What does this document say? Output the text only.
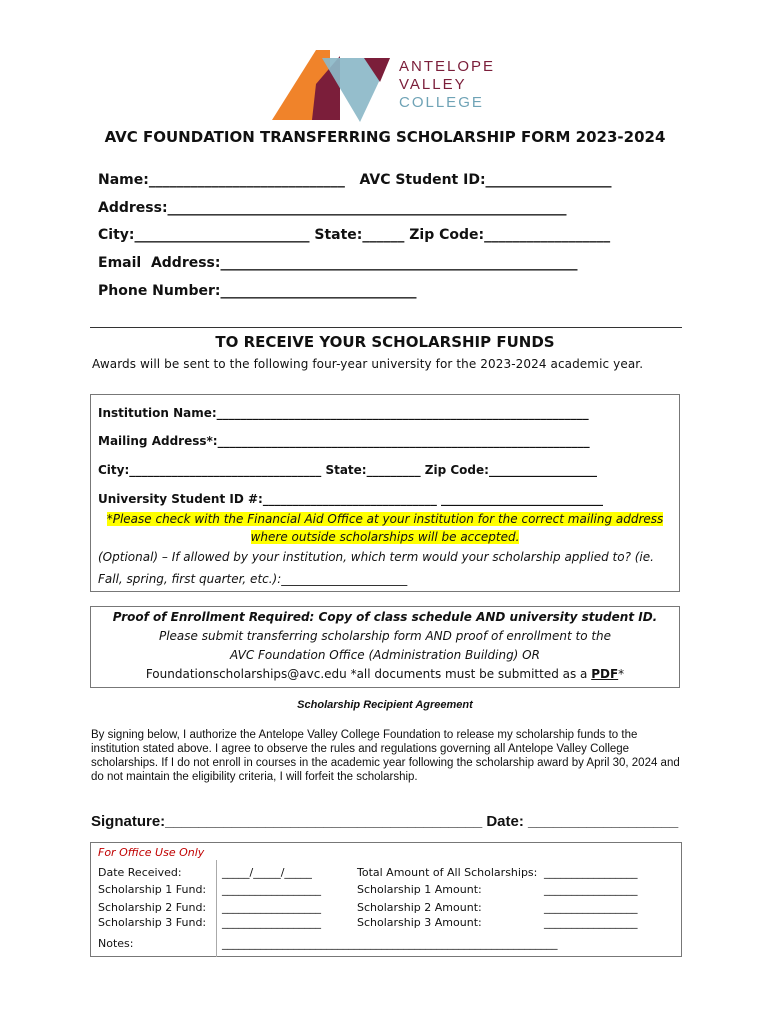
ANTELOPE
VALLEY
COLLEGE
AVC FOUNDATION TRANSFERRING SCHOLARSHIP FORM 2023-2024
Name:____________________________   AVC Student ID:__________________
Address:_________________________________________________________
City:_________________________ State:______ Zip Code:__________________
Email  Address:___________________________________________________
Phone Number:____________________________
TO RECEIVE YOUR SCHOLARSHIP FUNDS
Awards will be sent to the following four-year university for the 2023-2024 academic year.
Institution Name:______________________________________________________________
Mailing Address*:______________________________________________________________
City:________________________________ State:_________ Zip Code:__________________
University Student ID #:_____________________________ ___________________________
*Please check with the Financial Aid Office at your institution for the correct mailing address
where outside scholarships will be accepted.
(Optional) – If allowed by your institution, which term would your scholarship applied to? (ie.
Fall, spring, first quarter, etc.):_____________________
Proof of Enrollment Required: Copy of class schedule AND university student ID.
Please submit transferring scholarship form AND proof of enrollment to the
AVC Foundation Office (Administration Building) OR
Foundationscholarships@avc.edu *all documents must be submitted as a PDF*
Scholarship Recipient Agreement
By signing below, I authorize the Antelope Valley College Foundation to release my scholarship funds to the institution stated above. I agree to observe the rules and regulations governing all Antelope Valley College scholarships. If I do not enroll in courses in the academic year following the scholarship award by April 30, 2024 and do not maintain the eligibility criteria, I will forfeit the scholarship.
Signature:______________________________________ Date: __________________
For Office Use Only
Date Received:
Scholarship 1 Fund:
Scholarship 2 Fund:
Scholarship 3 Fund:
Notes:
_____/_____/_____
__________________
__________________
__________________
Total Amount of All Scholarships:
Scholarship 1 Amount:
Scholarship 2 Amount:
Scholarship 3 Amount:
_________________
_________________
_________________
_________________
_____________________________________________________________
